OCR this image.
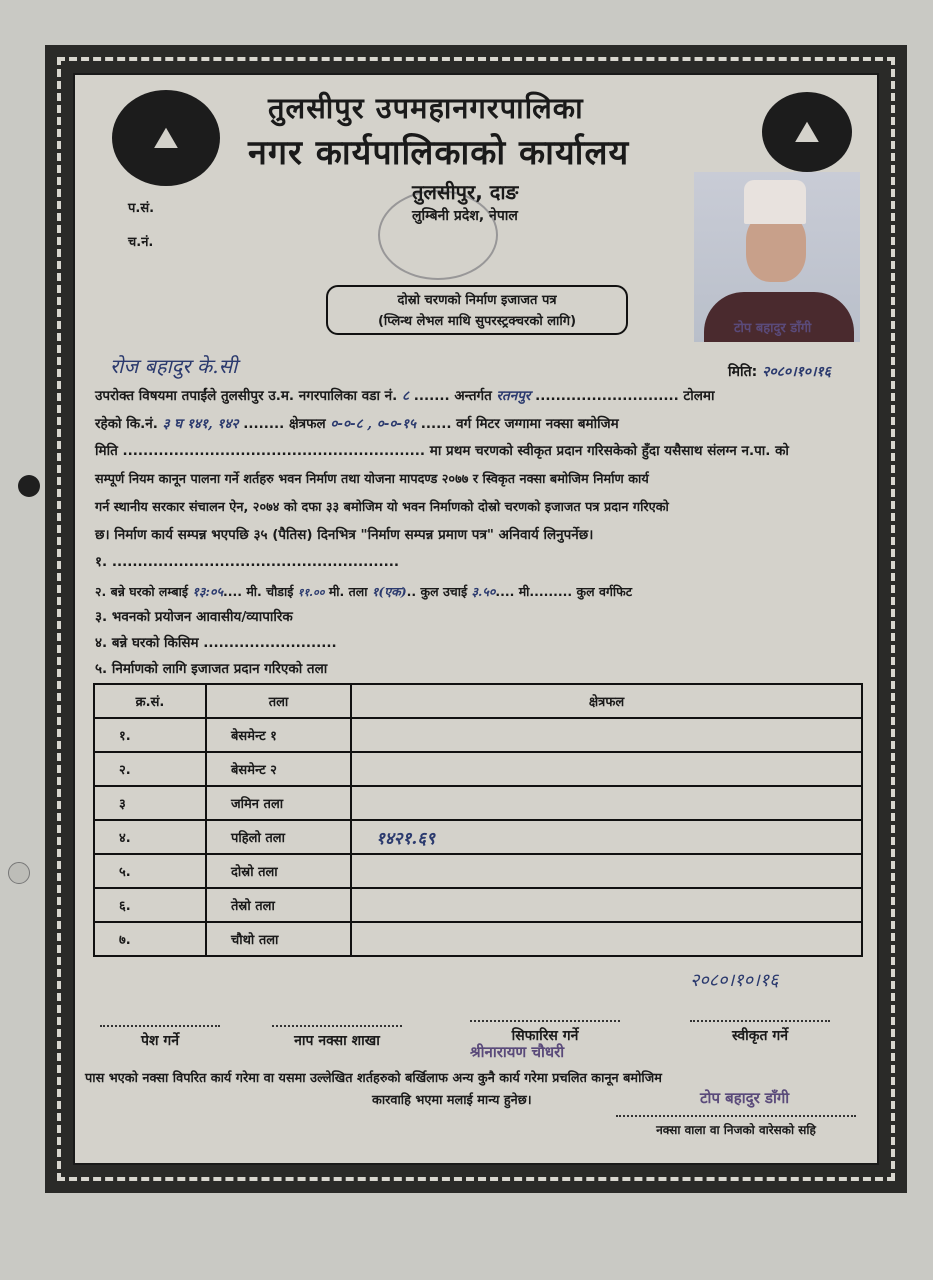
⛰	⛰
तुलसीपुर उपमहानगरपालिका
नगर कार्यपालिकाको कार्यालय
तुलसीपुर, दाङ
लुम्बिनी प्रदेश, नेपाल
प.सं.
च.नं.
दोस्रो चरणको निर्माण इजाजत पत्र
(प्लिन्थ लेभल माथि सुपरस्ट्रक्चरको लागि)	टोप बहादुर डाँगी
रोज बहादुर के.सी	मिति: २०८०।१०।१६
उपरोक्त विषयमा तपाईंले तुलसीपुर उ.म. नगरपालिका वडा नं. ८ ....... अन्तर्गत रतनपुर ............................ टोलमा
रहेको कि.नं. ३ घ १४१, १४२ ........ क्षेत्रफल ०-०-८ , ०-०-१५ ...... वर्ग मिटर जग्गामा नक्सा बमोजिम
मिति ........................................................... मा प्रथम चरणको स्वीकृत प्रदान गरिसकेको हुँदा यसैसाथ संलग्न न.पा. को
सम्पूर्ण नियम कानून पालना गर्ने शर्तहरु भवन निर्माण तथा योजना मापदण्ड २०७७ र स्विकृत नक्सा बमोजिम निर्माण कार्य
गर्न स्थानीय सरकार संचालन ऐन, २०७४ को दफा ३३ बमोजिम यो भवन निर्माणको दोस्रो चरणको इजाजत पत्र प्रदान गरिएको
छ। निर्माण कार्य सम्पन्न भएपछि ३५ (पैतिस) दिनभित्र "निर्माण सम्पन्न प्रमाण पत्र" अनिवार्य लिनुपर्नेछ।
१. ........................................................
२. बन्ने घरको लम्बाई १३:०५.... मी. चौडाई ११.०० मी. तला १(एक).. कुल उचाई ३.५०.... मी......... कुल वर्गफिट
३. भवनको प्रयोजन आवासीय/व्यापारिक
४. बन्ने घरको किसिम ..........................
५. निर्माणको लागि इजाजत प्रदान गरिएको तला
क्र.सं.	तला	क्षेत्रफल
१.	बेसमेन्ट १	
२.	बेसमेन्ट २	
३	जमिन तला	
४.	पहिलो तला	१४२१.६९
५.	दोस्रो तला	
६.	तेस्रो तला	
७.	चौथो तला	
पेश गर्ने	नाप नक्सा शाखा	सिफारिस गर्ने
श्रीनारायण चौधरी
२०८०।१०।१६
स्वीकृत गर्ने
पास भएको नक्सा विपरित कार्य गरेमा वा यसमा उल्लेखित शर्तहरुको बर्खिलाफ अन्य कुनै कार्य गरेमा प्रचलित कानून बमोजिम
कारवाहि भएमा मलाई मान्य हुनेछ।	टोप बहादुर डाँगी
नक्सा वाला वा निजको वारेसको सहि
